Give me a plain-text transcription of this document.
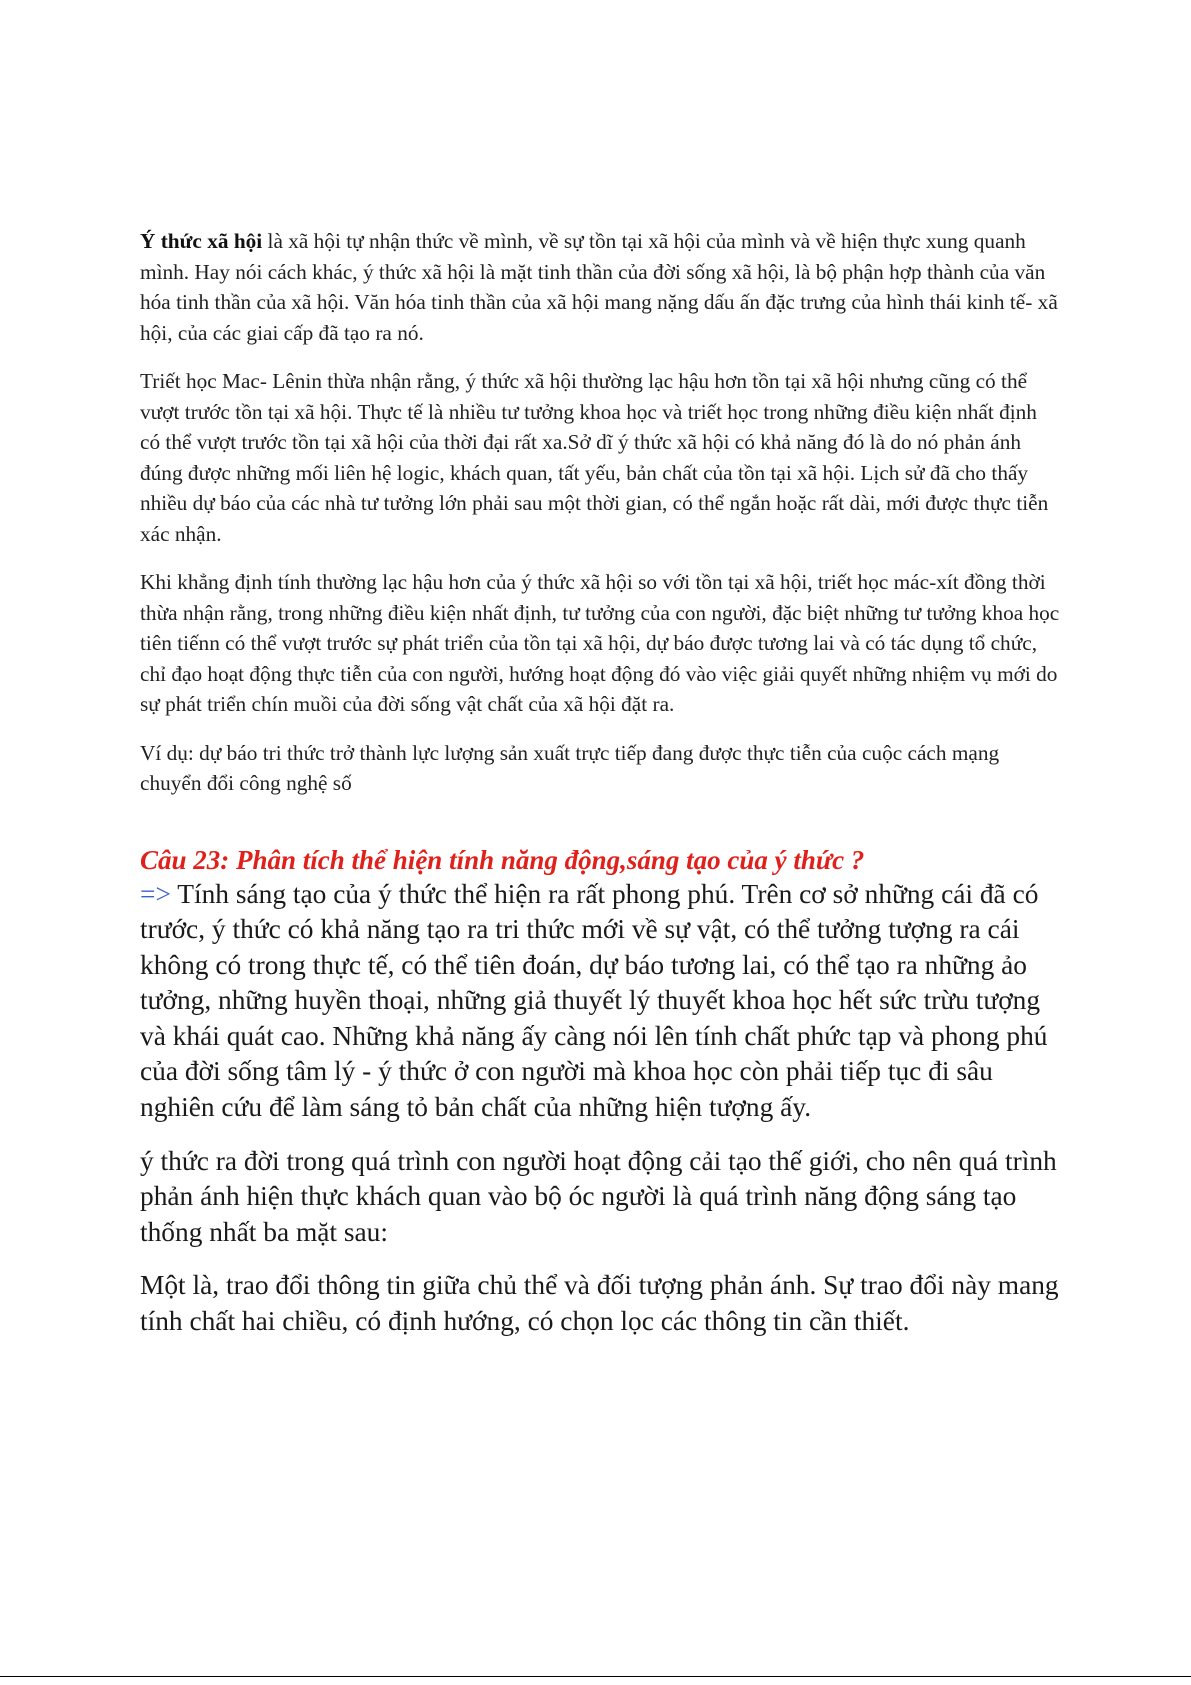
Ý thức xã hội là xã hội tự nhận thức về mình, về sự tồn tại xã hội của mình và về hiện thực xung quanh mình. Hay nói cách khác, ý thức xã hội là mặt tinh thần của đời sống xã hội, là bộ phận hợp thành của văn hóa tinh thần của xã hội. Văn hóa tinh thần của xã hội mang nặng dấu ấn đặc trưng của hình thái kinh tế- xã hội, của các giai cấp đã tạo ra nó.

Triết học Mac- Lênin thừa nhận rằng, ý thức xã hội thường lạc hậu hơn tồn tại xã hội nhưng cũng có thể vượt trước tồn tại xã hội. Thực tế là nhiều tư tưởng khoa học và triết học trong những điều kiện nhất định có thể vượt trước tồn tại xã hội của thời đại rất xa.Sở dĩ ý thức xã hội có khả năng đó là do nó phản ánh đúng được những mối liên hệ logic, khách quan, tất yếu, bản chất của tồn tại xã hội. Lịch sử đã cho thấy nhiều dự báo của các nhà tư tưởng lớn phải sau một thời gian, có thể ngắn hoặc rất dài, mới được thực tiễn xác nhận.

Khi khẳng định tính thường lạc hậu hơn của ý thức xã hội so với tồn tại xã hội, triết học mác-xít đồng thời thừa nhận rằng, trong những điều kiện nhất định, tư tưởng của con người, đặc biệt những tư tưởng khoa học tiên tiếnn có thể vượt trước sự phát triển của tồn tại xã hội, dự báo được tương lai và có tác dụng tổ chức, chỉ đạo hoạt động thực tiễn của con người, hướng hoạt động đó vào việc giải quyết những nhiệm vụ mới do sự phát triển chín muồi của đời sống vật chất của xã hội đặt ra.

Ví dụ: dự báo tri thức trở thành lực lượng sản xuất trực tiếp đang được thực tiễn của cuộc cách mạng chuyển đổi công nghệ số

Câu 23: Phân tích thể hiện tính năng động,sáng tạo của ý thức ?

=> Tính sáng tạo của ý thức thể hiện ra rất phong phú. Trên cơ sở những cái đã có trước, ý thức có khả năng tạo ra tri thức mới về sự vật, có thể tưởng tượng ra cái không có trong thực tế, có thể tiên đoán, dự báo tương lai, có thể tạo ra những ảo tưởng, những huyền thoại, những giả thuyết lý thuyết khoa học hết sức trừu tượng và khái quát cao. Những khả năng ấy càng nói lên tính chất phức tạp và phong phú của đời sống tâm lý - ý thức ở con người mà khoa học còn phải tiếp tục đi sâu nghiên cứu để làm sáng tỏ bản chất của những hiện tượng ấy.

ý thức ra đời trong quá trình con người hoạt động cải tạo thế giới, cho nên quá trình phản ánh hiện thực khách quan vào bộ óc người là quá trình năng động sáng tạo thống nhất ba mặt sau:

Một là, trao đổi thông tin giữa chủ thể và đối tượng phản ánh. Sự trao đổi này mang tính chất hai chiều, có định hướng, có chọn lọc các thông tin cần thiết.
